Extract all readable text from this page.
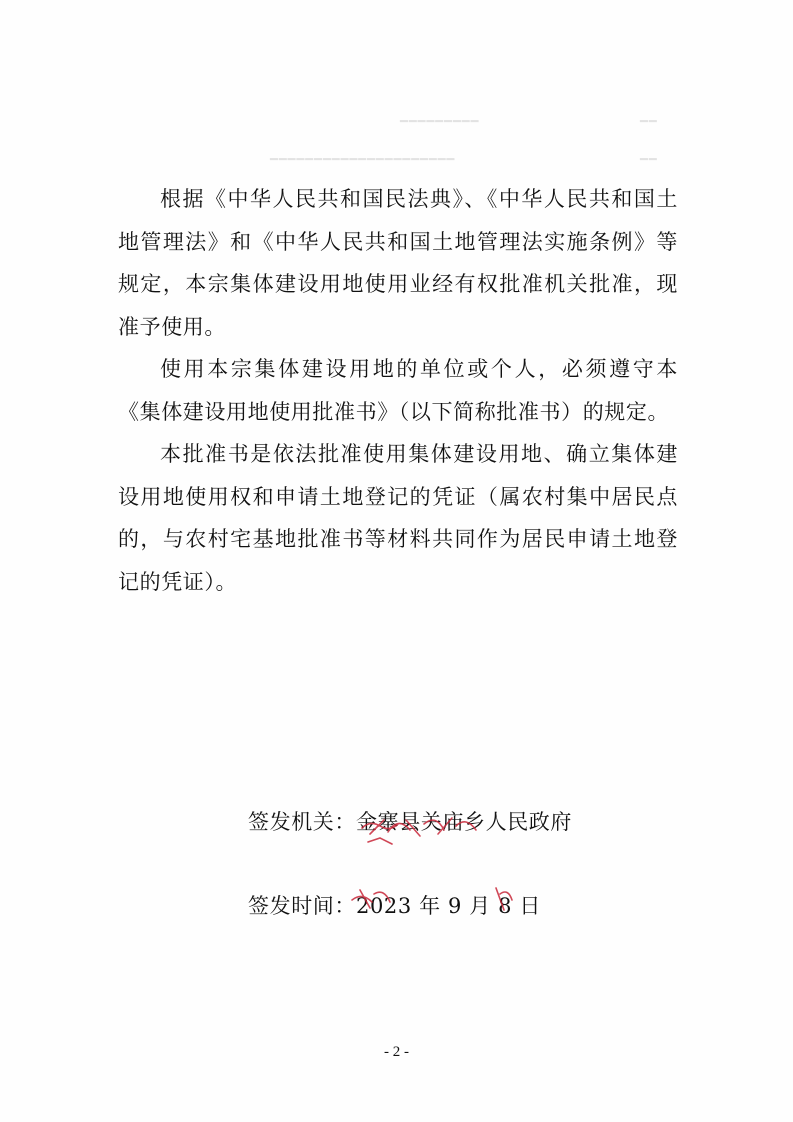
▁▁▁▁▁▁▁▁▁
▁▁▁▁▁▁▁▁▁▁▁▁▁▁▁▁▁▁▁▁▁
▁▁
▁▁

根据《中华人民共和国民法典》、《中华人民共和国土地管理法》和《中华人民共和国土地管理法实施条例》等规定，本宗集体建设用地使用业经有权批准机关批准，现准予使用。

使用本宗集体建设用地的单位或个人，必须遵守本《集体建设用地使用批准书》（以下简称批准书）的规定。

本批准书是依法批准使用集体建设用地、确立集体建设用地使用权和申请土地登记的凭证（属农村集中居民点的，与农村宅基地批准书等材料共同作为居民申请土地登记的凭证）。

签发机关：金寨县关庙乡人民政府
签发时间：2023 年 9 月 8 日
- 2 -
